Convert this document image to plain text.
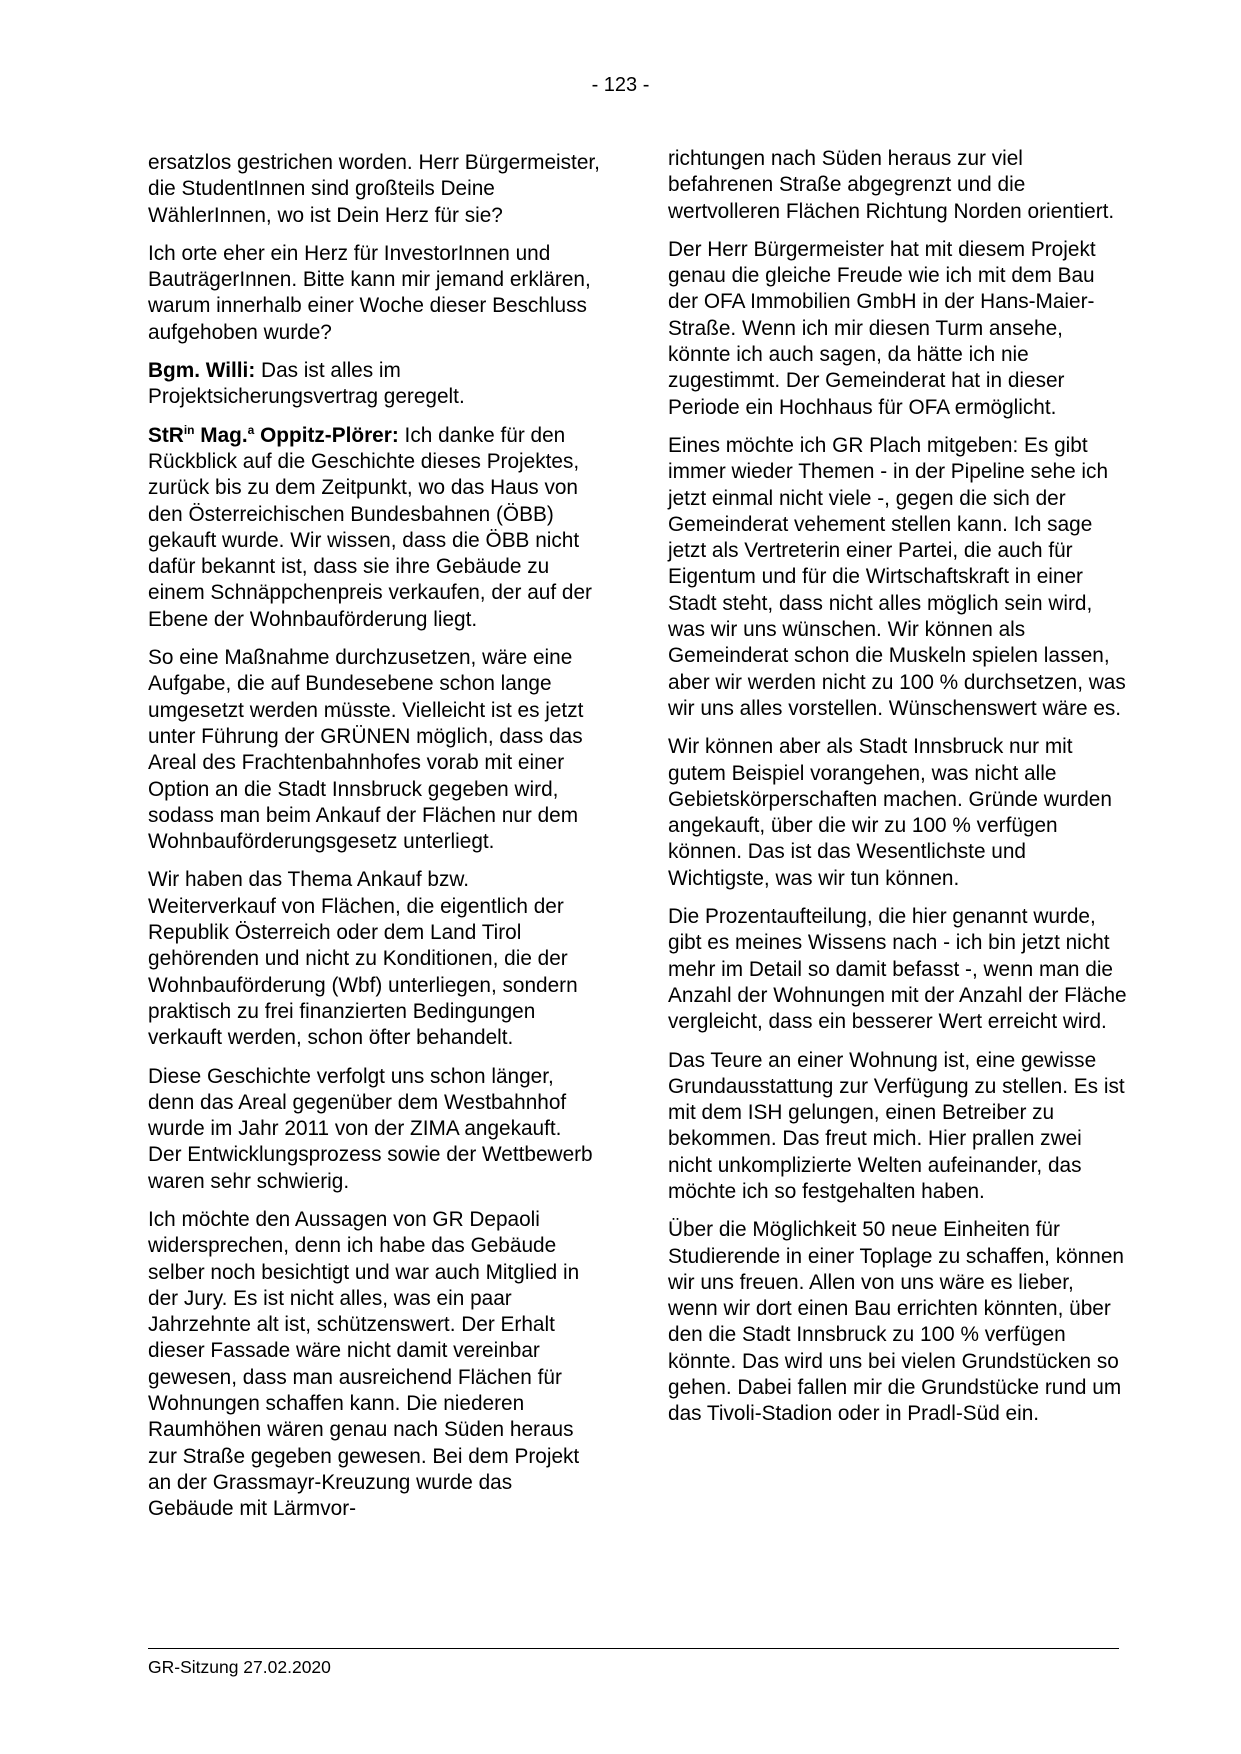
- 123 -

ersatzlos gestrichen worden. Herr Bürgermeister, die StudentInnen sind großteils Deine WählerInnen, wo ist Dein Herz für sie?

Ich orte eher ein Herz für InvestorInnen und BauträgerInnen. Bitte kann mir jemand erklären, warum innerhalb einer Woche dieser Beschluss aufgehoben wurde?

Bgm. Willi: Das ist alles im Projektsicherungsvertrag geregelt.

StR$^{in}$ Mag.$^a$ Oppitz-Plörer: Ich danke für den Rückblick auf die Geschichte dieses Projektes, zurück bis zu dem Zeitpunkt, wo das Haus von den Österreichischen Bundesbahnen (ÖBB) gekauft wurde. Wir wissen, dass die ÖBB nicht dafür bekannt ist, dass sie ihre Gebäude zu einem Schnäppchenpreis verkaufen, der auf der Ebene der Wohnbauförderung liegt.

So eine Maßnahme durchzusetzen, wäre eine Aufgabe, die auf Bundesebene schon lange umgesetzt werden müsste. Vielleicht ist es jetzt unter Führung der GRÜNEN möglich, dass das Areal des Frachtenbahnhofes vorab mit einer Option an die Stadt Innsbruck gegeben wird, sodass man beim Ankauf der Flächen nur dem Wohnbauförderungsgesetz unterliegt.

Wir haben das Thema Ankauf bzw. Weiterverkauf von Flächen, die eigentlich der Republik Österreich oder dem Land Tirol gehörenden und nicht zu Konditionen, die der Wohnbauförderung (Wbf) unterliegen, sondern praktisch zu frei finanzierten Bedingungen verkauft werden, schon öfter behandelt.

Diese Geschichte verfolgt uns schon länger, denn das Areal gegenüber dem Westbahnhof wurde im Jahr 2011 von der ZIMA angekauft. Der Entwicklungsprozess sowie der Wettbewerb waren sehr schwierig.

Ich möchte den Aussagen von GR Depaoli widersprechen, denn ich habe das Gebäude selber noch besichtigt und war auch Mitglied in der Jury. Es ist nicht alles, was ein paar Jahrzehnte alt ist, schützenswert. Der Erhalt dieser Fassade wäre nicht damit vereinbar gewesen, dass man ausreichend Flächen für Wohnungen schaffen kann. Die niederen Raumhöhen wären genau nach Süden heraus zur Straße gegeben gewesen. Bei dem Projekt an der Grassmayr-Kreuzung wurde das Gebäude mit Lärmvor-

richtungen nach Süden heraus zur viel befahrenen Straße abgegrenzt und die wertvolleren Flächen Richtung Norden orientiert.

Der Herr Bürgermeister hat mit diesem Projekt genau die gleiche Freude wie ich mit dem Bau der OFA Immobilien GmbH in der Hans-Maier-Straße. Wenn ich mir diesen Turm ansehe, könnte ich auch sagen, da hätte ich nie zugestimmt. Der Gemeinderat hat in dieser Periode ein Hochhaus für OFA ermöglicht.

Eines möchte ich GR Plach mitgeben: Es gibt immer wieder Themen - in der Pipeline sehe ich jetzt einmal nicht viele -, gegen die sich der Gemeinderat vehement stellen kann. Ich sage jetzt als Vertreterin einer Partei, die auch für Eigentum und für die Wirtschaftskraft in einer Stadt steht, dass nicht alles möglich sein wird, was wir uns wünschen. Wir können als Gemeinderat schon die Muskeln spielen lassen, aber wir werden nicht zu 100 % durchsetzen, was wir uns alles vorstellen. Wünschenswert wäre es.

Wir können aber als Stadt Innsbruck nur mit gutem Beispiel vorangehen, was nicht alle Gebietskörperschaften machen. Gründe wurden angekauft, über die wir zu 100 % verfügen können. Das ist das Wesentlichste und Wichtigste, was wir tun können.

Die Prozentaufteilung, die hier genannt wurde, gibt es meines Wissens nach - ich bin jetzt nicht mehr im Detail so damit befasst -, wenn man die Anzahl der Wohnungen mit der Anzahl der Fläche vergleicht, dass ein besserer Wert erreicht wird.

Das Teure an einer Wohnung ist, eine gewisse Grundausstattung zur Verfügung zu stellen. Es ist mit dem ISH gelungen, einen Betreiber zu bekommen. Das freut mich. Hier prallen zwei nicht unkomplizierte Welten aufeinander, das möchte ich so festgehalten haben.

Über die Möglichkeit 50 neue Einheiten für Studierende in einer Toplage zu schaffen, können wir uns freuen. Allen von uns wäre es lieber, wenn wir dort einen Bau errichten könnten, über den die Stadt Innsbruck zu 100 % verfügen könnte. Das wird uns bei vielen Grundstücken so gehen. Dabei fallen mir die Grundstücke rund um das Tivoli-Stadion oder in Pradl-Süd ein.

GR-Sitzung 27.02.2020
